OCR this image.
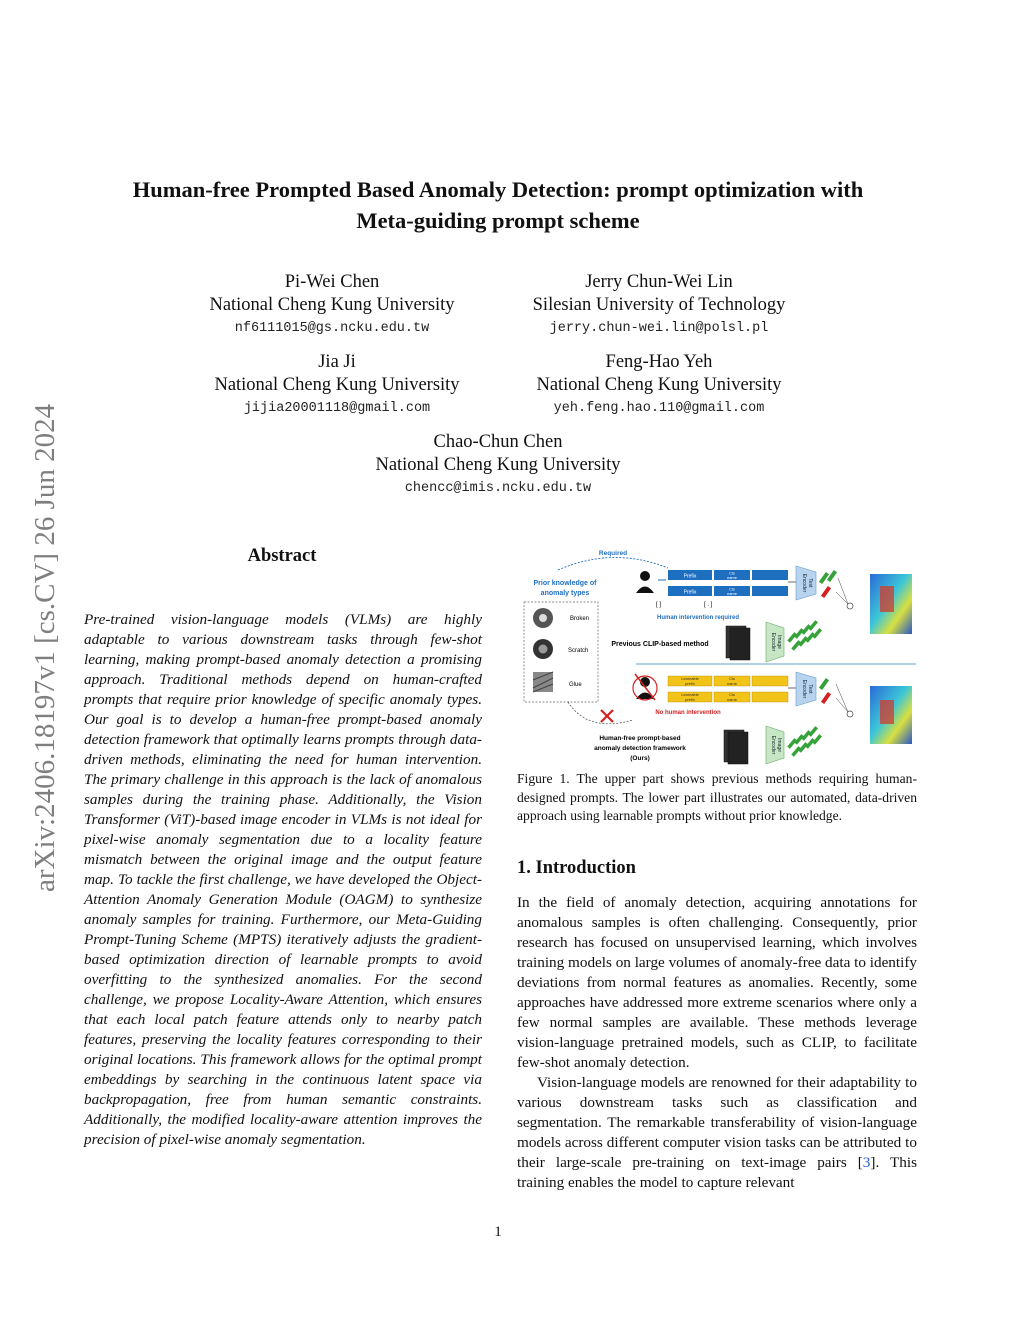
arXiv:2406.18197v1 [cs.CV] 26 Jun 2024
Human-free Prompted Based Anomaly Detection: prompt optimization with
Meta-guiding prompt scheme
Pi-Wei Chen
National Cheng Kung University
nf6111015@gs.ncku.edu.tw
Jerry Chun-Wei Lin
Silesian University of Technology
jerry.chun-wei.lin@polsl.pl
Jia Ji
National Cheng Kung University
jijia20001118@gmail.com
Feng-Hao Yeh
National Cheng Kung University
yeh.feng.hao.110@gmail.com
Chao-Chun Chen
National Cheng Kung University
chencc@imis.ncku.edu.tw
Abstract
Pre-trained vision-language models (VLMs) are highly adaptable to various downstream tasks through few-shot learning, making prompt-based anomaly detection a promising approach. Traditional methods depend on human-crafted prompts that require prior knowledge of specific anomaly types. Our goal is to develop a human-free prompt-based anomaly detection framework that optimally learns prompts through data-driven methods, eliminating the need for human intervention. The primary challenge in this approach is the lack of anomalous samples during the training phase. Additionally, the Vision Transformer (ViT)-based image encoder in VLMs is not ideal for pixel-wise anomaly segmentation due to a locality feature mismatch between the original image and the output feature map. To tackle the first challenge, we have developed the Object-Attention Anomaly Generation Module (OAGM) to synthesize anomaly samples for training. Furthermore, our Meta-Guiding Prompt-Tuning Scheme (MPTS) iteratively adjusts the gradient-based optimization direction of learnable prompts to avoid overfitting to the synthesized anomalies. For the second challenge, we propose Locality-Aware Attention, which ensures that each local patch feature attends only to nearby patch features, preserving the locality features corresponding to their original locations. This framework allows for the optimal prompt embeddings by searching in the continuous latent space via backpropagation, free from human semantic constraints. Additionally, the modified locality-aware attention improves the precision of pixel-wise anomaly segmentation.
Required
Prior knowledge of
anomaly types
Broken
Scratch
Glue
Prefix
Cls
name
Prefix
Cls
name
[ ]	[ . ]
Human intervention required
TextEncoder
Previous CLIP-based method	ImageEncoder
Learnable
prefix
Cls
name
Learnable
prefix
Cls
name
No human intervention
TextEncoder
Human-free prompt-based
anomaly detection framework
(Ours)
ImageEncoder
Figure 1. The upper part shows previous methods requiring human-designed prompts. The lower part illustrates our automated, data-driven approach using learnable prompts without prior knowledge.
1. Introduction

In the field of anomaly detection, acquiring annotations for anomalous samples is often challenging. Consequently, prior research has focused on unsupervised learning, which involves training models on large volumes of anomaly-free data to identify deviations from normal features as anomalies. Recently, some approaches have addressed more extreme scenarios where only a few normal samples are available. These methods leverage vision-language pretrained models, such as CLIP, to facilitate few-shot anomaly detection.

Vision-language models are renowned for their adaptability to various downstream tasks such as classification and segmentation. The remarkable transferability of vision-language models across different computer vision tasks can be attributed to their large-scale pre-training on text-image pairs [3]. This training enables the model to capture relevant

1
